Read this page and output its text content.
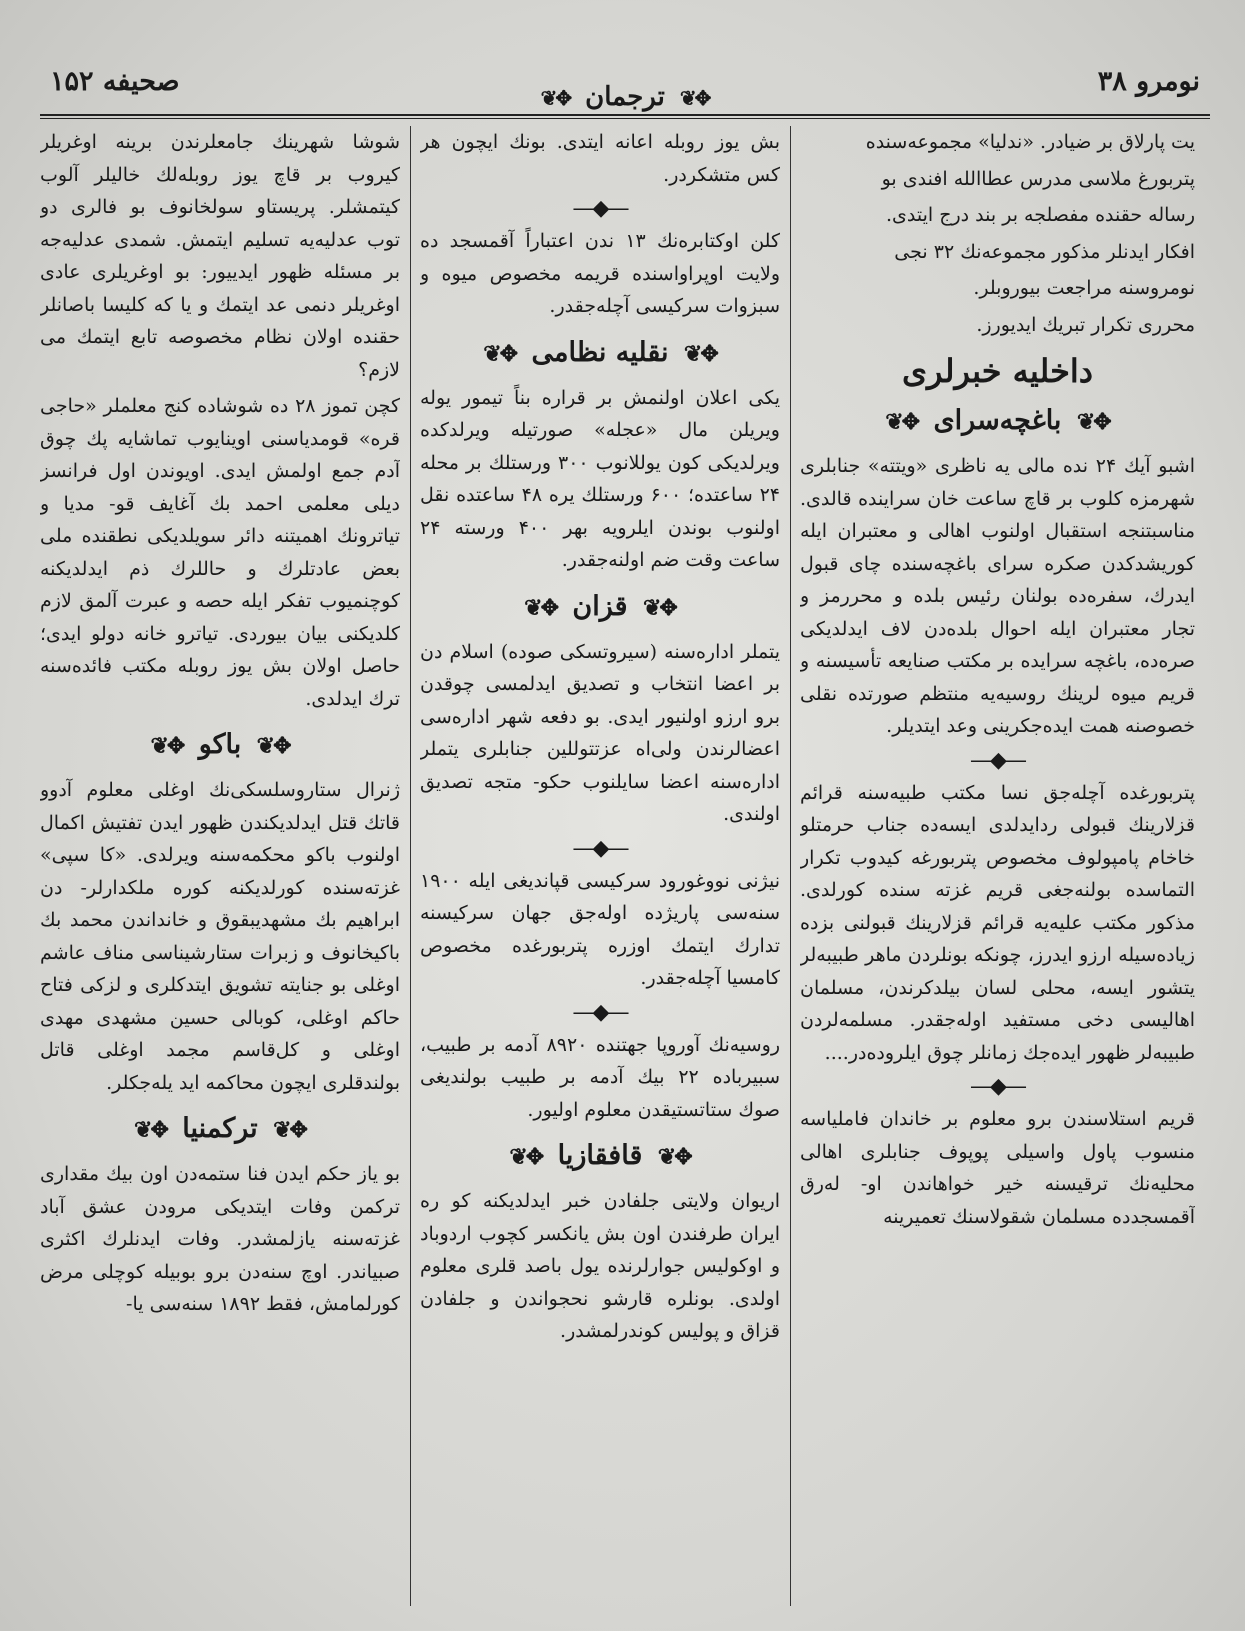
نومرو ۳۸
✥❦ ترجمان ✥❦
صحیفه ۱۵۲

یت پارلاق بر ضیادر. «ندلیا» مجموعه‌سنده

پتربورغ ملاسی مدرس عطاالله افندی بو

رساله حقنده مفصلجه بر بند درج ایتدی.

افکار ایدنلر مذکور مجموعه‌نك ۳۲ نجی

نومروسنه مراجعت بیوروبلر.

محرری تکرار تبریك ایدیورز.

داخلیه خبرلری
✥❦ باغچه‌سرای ✥❦

اشبو آیك ۲۴ نده مالی یه ناظری «ویتته» جنابلری شهرمزه کلوب بر قاچ ساعت خان سراینده قالدی. مناسبتنجه استقبال اولنوب اهالی و معتبران ایله کوریشدکدن صکره سرای باغچه‌سنده چای قبول ایدرك، سفره‌ده بولنان رئیس بلده و محررمز و تجار معتبران ایله احوال بلده‌دن لاف ایدلدیکی صره‌ده، باغچه سرایده بر مکتب صنایعه تأسیسنه و قریم میوه لرینك روسیه‌یه منتظم صورتده نقلی خصوصنه همت ایده‌جکرینی وعد ایتدیلر.

—◆—

پتربورغده آچله‌جق نسا مکتب طبیه‌سنه قرائم قزلارینك قبولی ردایدلدی ایسه‌ده جناب حرمتلو خاخام پامپولوف مخصوص پتربورغه کیدوب تکرار التماسده بولنه‌جغی قریم غزته سنده کورلدی. مذکور مکتب علیه‌یه قرائم قزلارینك قبولنی بزده زیاده‌سیله ارزو ایدرز، چونکه بونلردن ماهر طبیبه‌لر یتشور ایسه، محلی لسان بیلدکرندن، مسلمان اهالیسی دخی مستفید اوله‌جقدر. مسلمه‌لردن طبیبه‌لر ظهور ایده‌جك زمانلر چوق ایلروده‌در....

—◆—

قریم استلاسندن برو معلوم بر خاندان فاملیاسه منسوب پاول واسیلی پوپوف جنابلری اهالی محلیه‌نك ترقیسنه خیر خواهاندن او- له‌رق آقمسجدده مسلمان شقولاسنك تعمیرینه

بش یوز روبله اعانه ایتدی. بونك ایچون هر کس متشکردر.

—◆—

کلن اوکتابره‌نك ۱۳ ندن اعتباراً آقمسجد ده ولایت اوپراواسنده قریمه مخصوص میوه و سبزوات سرکیسی آچله‌جقدر.

✥❦ نقلیه نظامی ✥❦

یکی اعلان اولنمش بر قراره بناً تیمور یوله ویریلن مال «عجله» صورتیله ویرلدکده ویرلدیکی کون یوللانوب ۳۰۰ ورستلك بر محله ۲۴ ساعتده؛ ۶۰۰ ورستلك یره ۴۸ ساعتده نقل اولنوب بوندن ایلرویه بهر ۴۰۰ ورسته ۲۴ ساعت وقت ضم اولنه‌جقدر.

✥❦ قزان ✥❦

یتملر اداره‌سنه (سیروتسکی صوده) اسلام دن بر اعضا انتخاب و تصدیق ایدلمسی چوقدن برو ارزو اولنیور ایدی. بو دفعه شهر اداره‌سی اعضالرندن ولی‌اه عزتتوللین جنابلری یتملر اداره‌سنه اعضا سایلنوب حکو- متجه تصدیق اولندی.

—◆—

نیژنی نووغورود سرکیسی قپاندیغی ایله ۱۹۰۰ سنه‌سی پاریژده اوله‌جق جهان سرکیسنه تدارك ایتمك اوزره پتربورغده مخصوص کامسیا آچله‌جقدر.

—◆—

روسیه‌نك آوروپا جهتنده ۸۹۲۰ آدمه بر طبیب، سبیرباده ۲۲ بیك آدمه بر طبیب بولندیغی صوك ستاتستیقدن معلوم اولیور.

✥❦ قافقازیا ✥❦

اریوان ولایتی جلفادن خبر ایدلدیکنه کو ره ایران طرفندن اون بش یانکسر کچوب اردوباد و اوکولیس جوارلرنده یول باصد قلری معلوم اولدی. بونلره قارشو نحجواندن و جلفادن قزاق و پولیس کوندرلمشدر.

شوشا شهرینك جامعلرندن برینه اوغریلر کیروب بر قاچ یوز روبله‌لك خالیلر آلوب کیتمشلر. پریستاو سولخانوف بو فالری دو توب عدلیه‌یه تسلیم ایتمش. شمدی عدلیه‌جه بر مسئله ظهور ایدییور: بو اوغریلری عادی اوغریلر دنمی عد ایتمك و یا که کلیسا باصانلر حقنده اولان نظام مخصوصه تابع ایتمك می لازم؟

کچن تموز ۲۸ ده شوشاده کنج معلملر «حاجی قره» قومدیاسنی اوینایوب تماشایه پك چوق آدم جمع اولمش ایدی. اویوندن اول فرانسز دیلی معلمی احمد بك آغایف قو- مدیا و تیاترونك اهمیتنه دائر سویلدیکی نطقنده ملی بعض عادتلرك و حاللرك ذم ایدلدیکنه کوچنمیوب تفکر ایله حصه و عبرت آلمق لازم کلدیکنی بیان بیوردی. تیاترو خانه دولو ایدی؛ حاصل اولان بش یوز روبله مکتب فائده‌سنه ترك ایدلدی.

✥❦ باکو ✥❦

ژنرال ستاروسلسکی‌نك اوغلی معلوم آدوو قاتك قتل ایدلدیکندن ظهور ایدن تفتیش اکمال اولنوب باکو محکمه‌سنه ویرلدی. «کا سپی» غزته‌سنده کورلدیکنه کوره ملکدارلر- دن ابراهیم بك مشهدیبقوق و خانداندن محمد بك باکیخانوف و زبرات ستارشیناسی مناف عاشم اوغلی بو جنایته تشویق ایتدکلری و لزکی فتاح حاکم اوغلی، کوبالی حسین مشهدی مهدی اوغلی و کل‌قاسم مجمد اوغلی قاتل بولندقلری ایچون محاکمه اید یله‌جکلر.

✥❦ ترکمنیا ✥❦

بو یاز حکم ایدن فنا ستمه‌دن اون بیك مقداری ترکمن وفات ایتدیکی مرودن عشق آباد غزته‌سنه یازلمشدر. وفات ایدنلرك اکثری صبیاندر. اوچ سنه‌دن برو بوبیله کوچلی مرض کورلمامش، فقط ۱۸۹۲ سنه‌سی یا-
